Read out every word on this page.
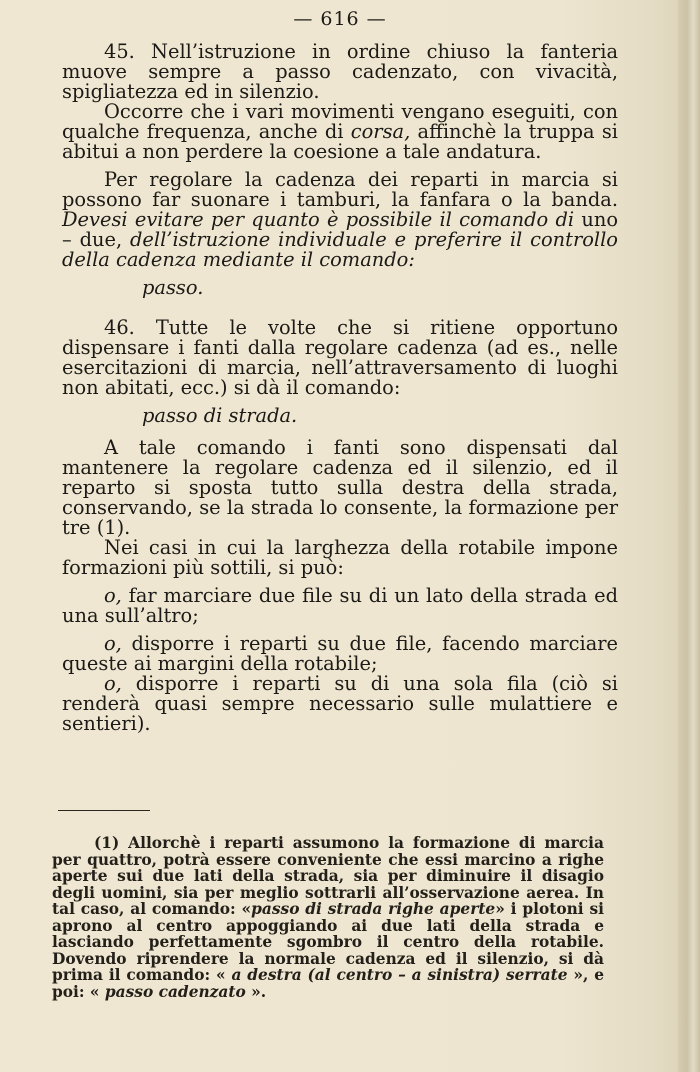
— 616 —

45. Nell’istruzione in ordine chiuso la fanteria muove sempre a passo cadenzato, con vivacità, spigliatezza ed in silenzio.

Occorre che i vari movimenti vengano eseguiti, con qualche frequenza, anche di corsa, affinchè la truppa si abitui a non perdere la coesione a tale andatura.

Per regolare la cadenza dei reparti in marcia si possono far suonare i tamburi, la fanfara o la banda. Devesi evitare per quanto è possibile il comando di uno – due, dell’istruzione individuale e preferire il controllo della cadenza mediante il comando:

passo.

46. Tutte le volte che si ritiene opportuno dispensare i fanti dalla regolare cadenza (ad es., nelle esercitazioni di marcia, nell’attraversamento di luoghi non abitati, ecc.) si dà il comando:

passo di strada.

A tale comando i fanti sono dispensati dal mantenere la regolare cadenza ed il silenzio, ed il reparto si sposta tutto sulla destra della strada, conservando, se la strada lo consente, la formazione per tre (1).

Nei casi in cui la larghezza della rotabile impone formazioni più sottili, si può:

o, far marciare due file su di un lato della strada ed una sull’altro;

o, disporre i reparti su due file, facendo marciare queste ai margini della rotabile;

o, disporre i reparti su di una sola fila (ciò si renderà quasi sempre necessario sulle mulattiere e sentieri).

(1) Allorchè i reparti assumono la formazione di marcia per quattro, potrà essere conveniente che essi marcino a righe aperte sui due lati della strada, sia per diminuire il disagio degli uomini, sia per meglio sottrarli all’osservazione aerea. In tal caso, al comando: «passo di strada righe aperte» i plotoni si aprono al centro appoggiando ai due lati della strada e lasciando perfettamente sgombro il centro della rotabile. Dovendo riprendere la normale cadenza ed il silenzio, si dà prima il comando: « a destra (al centro – a sinistra) serrate », e poi: « passo cadenzato ».
